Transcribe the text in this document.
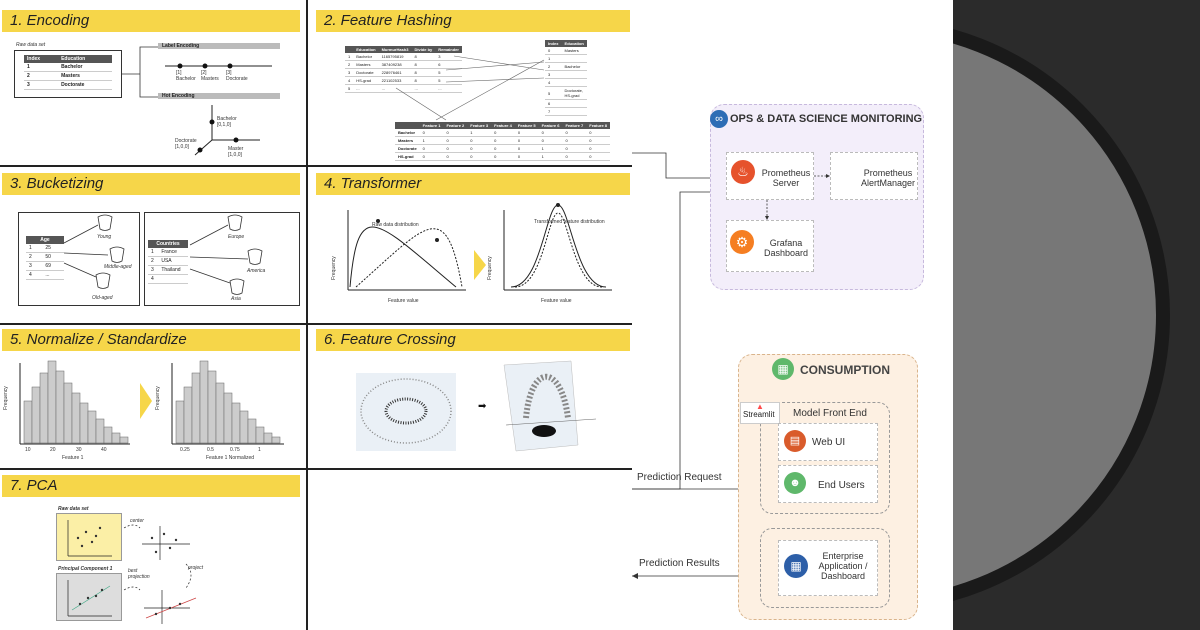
1. Encoding
Raw data set
Index	Education
1	Bachelor
2	Masters
3	Doctorate
Label Encoding
Hot Encoding
[1]
Bachelor
[2]
Masters
[3]
Doctorate
Bachelor
[0,1,0]
Doctorate
[1,0,0]	Master
[1,0,0]
2. Feature Hashing
	Education	MurmurHash3	Divide by	Remainder
1	Bachelor	1165795819	8	3
2	Masters	387409238	8	6
3	Doctorate	228976461	8	5
4	HS-grad	221102533	8	5
5	...	...	...	...
Index	Education
0	Masters
1	
2	Bachelor
3	
4	
5	Doctorate,
HS-grad
6	
7	
	Feature 1	Feature 2	Feature 3	Feature 4	Feature 5	Feature 6	Feature 7	Feature 8
Bachelor	0	0	1	0	0	0	0	0
Masters	1	0	0	0	0	0	0	0
Doctorate	0	0	0	0	0	1	0	0
HS-grad	0	0	0	0	0	1	0	0
3. Bucketizing
Age	
1	25
2	50
3	69
4	...
Countries	
1	France
2	USA
3	Thailand
4	
Young
Middle-aged
Old-aged
Europe
America
Asia
4. Transformer
Raw data distribution	Transformed feature distribution
Feature value	Feature value
Frequency	Frequency
5. Normalize / Standardize
10	20	30	40
Feature 1
0.25	0.5	0.75	1
Feature 1 Normalized
Frequency	Frequency
6. Feature Crossing
➡
7. PCA
Raw data set
Principal Component 1
center
best
projection
project
Prediction Request
Prediction Results
∞ OPS & DATA SCIENCE MONITORING
♨	Prometheus
Server
Prometheus
AlertManager
⚙	Grafana
Dashboard
▦ CONSUMPTION
▲
Streamlit Model Front End
▤	Web UI
☻	End Users
▦
Enterprise
Application /
Dashboard
